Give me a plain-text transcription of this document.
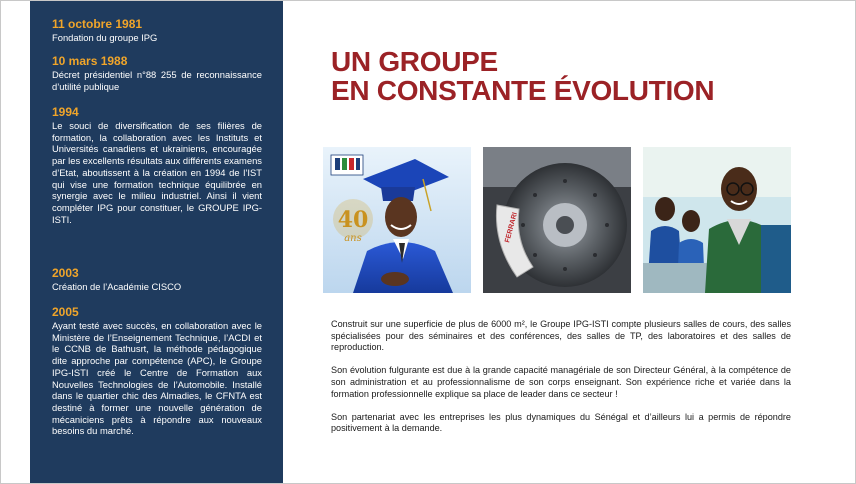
11 octobre 1981
Fondation du groupe IPG
10 mars 1988
Décret présidentiel n°88 255 de reconnaissance d’utilité publique
1994
Le souci de diversification de ses filières de formation, la collaboration avec les Instituts et Universités canadiens et ukrainiens, encouragée par les excellents résultats aux différents examens d’Etat, aboutissent à la création en 1994 de l’IST qui vise une formation technique équilibrée en synergie avec le milieu industriel. Ainsi il vient compléter IPG pour constituer, le GROUPE IPG-ISTI.
2003
Création de l’Académie CISCO
2005
Ayant testé avec succès, en collaboration avec le Ministère de l’Enseignement Technique, l’ACDI et le CCNB de Bathusrt, la méthode pédagogique dite approche par compétence (APC), le Groupe IPG-ISTI créé le Centre de Formation aux Nouvelles Technologies de l’Automobile. Installé dans le quartier chic des Almadies, le CFNTA est destiné à former une nouvelle génération de mécaniciens prêts à répondre aux nouveaux besoins du marché.
UN GROUPE
EN CONSTANTE ÉVOLUTION
40
ans	FERRARI

Construit sur une superficie de plus de 6000 m², le Groupe IPG-ISTI compte plusieurs salles de cours, des salles spécialisées pour des séminaires et des conférences, des salles de TP, des laboratoires et des salles de reproduction.

Son évolution fulgurante est due à la grande capacité managériale de son Directeur Général, à la compétence de son administration et au professionnalisme de son corps enseignant. Son expérience riche et variée dans la formation professionnelle explique sa place de leader dans ce secteur !

Son partenariat avec les entreprises les plus dynamiques du Sénégal et d’ailleurs lui a permis de répondre positivement à la demande.
